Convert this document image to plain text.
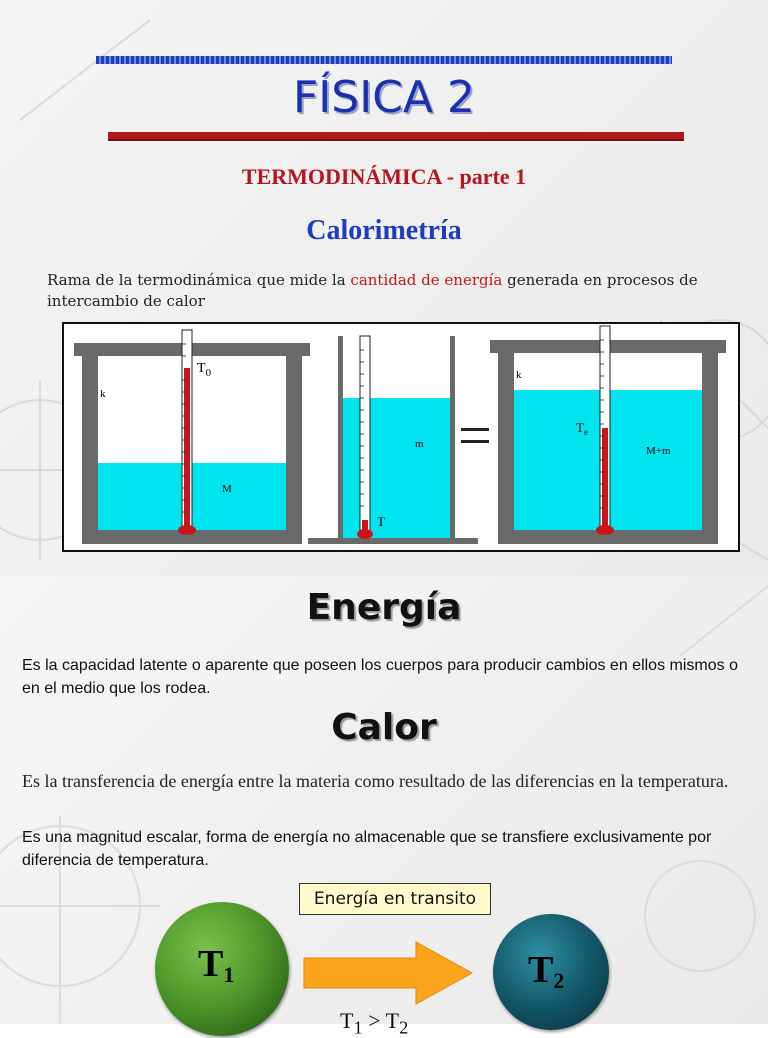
FÍSICA 2
TERMODINÁMICA - parte 1
Calorimetría
Rama de la termodinámica que mide la cantidad de energía generada en procesos de intercambio de calor
k
M
$T_0$
m
T
k
M+m
$T_e$
Energía
Es la capacidad latente o aparente que poseen los cuerpos para producir cambios en ellos mismos o en el medio que los rodea.
Calor
Es la transferencia de energía entre la materia como resultado de las diferencias en la temperatura.
Es una magnitud escalar, forma de energía no almacenable que se transfiere exclusivamente por diferencia de temperatura.
Energía en transito
$T_1$	$T_2$
$T_1 > T_2$
